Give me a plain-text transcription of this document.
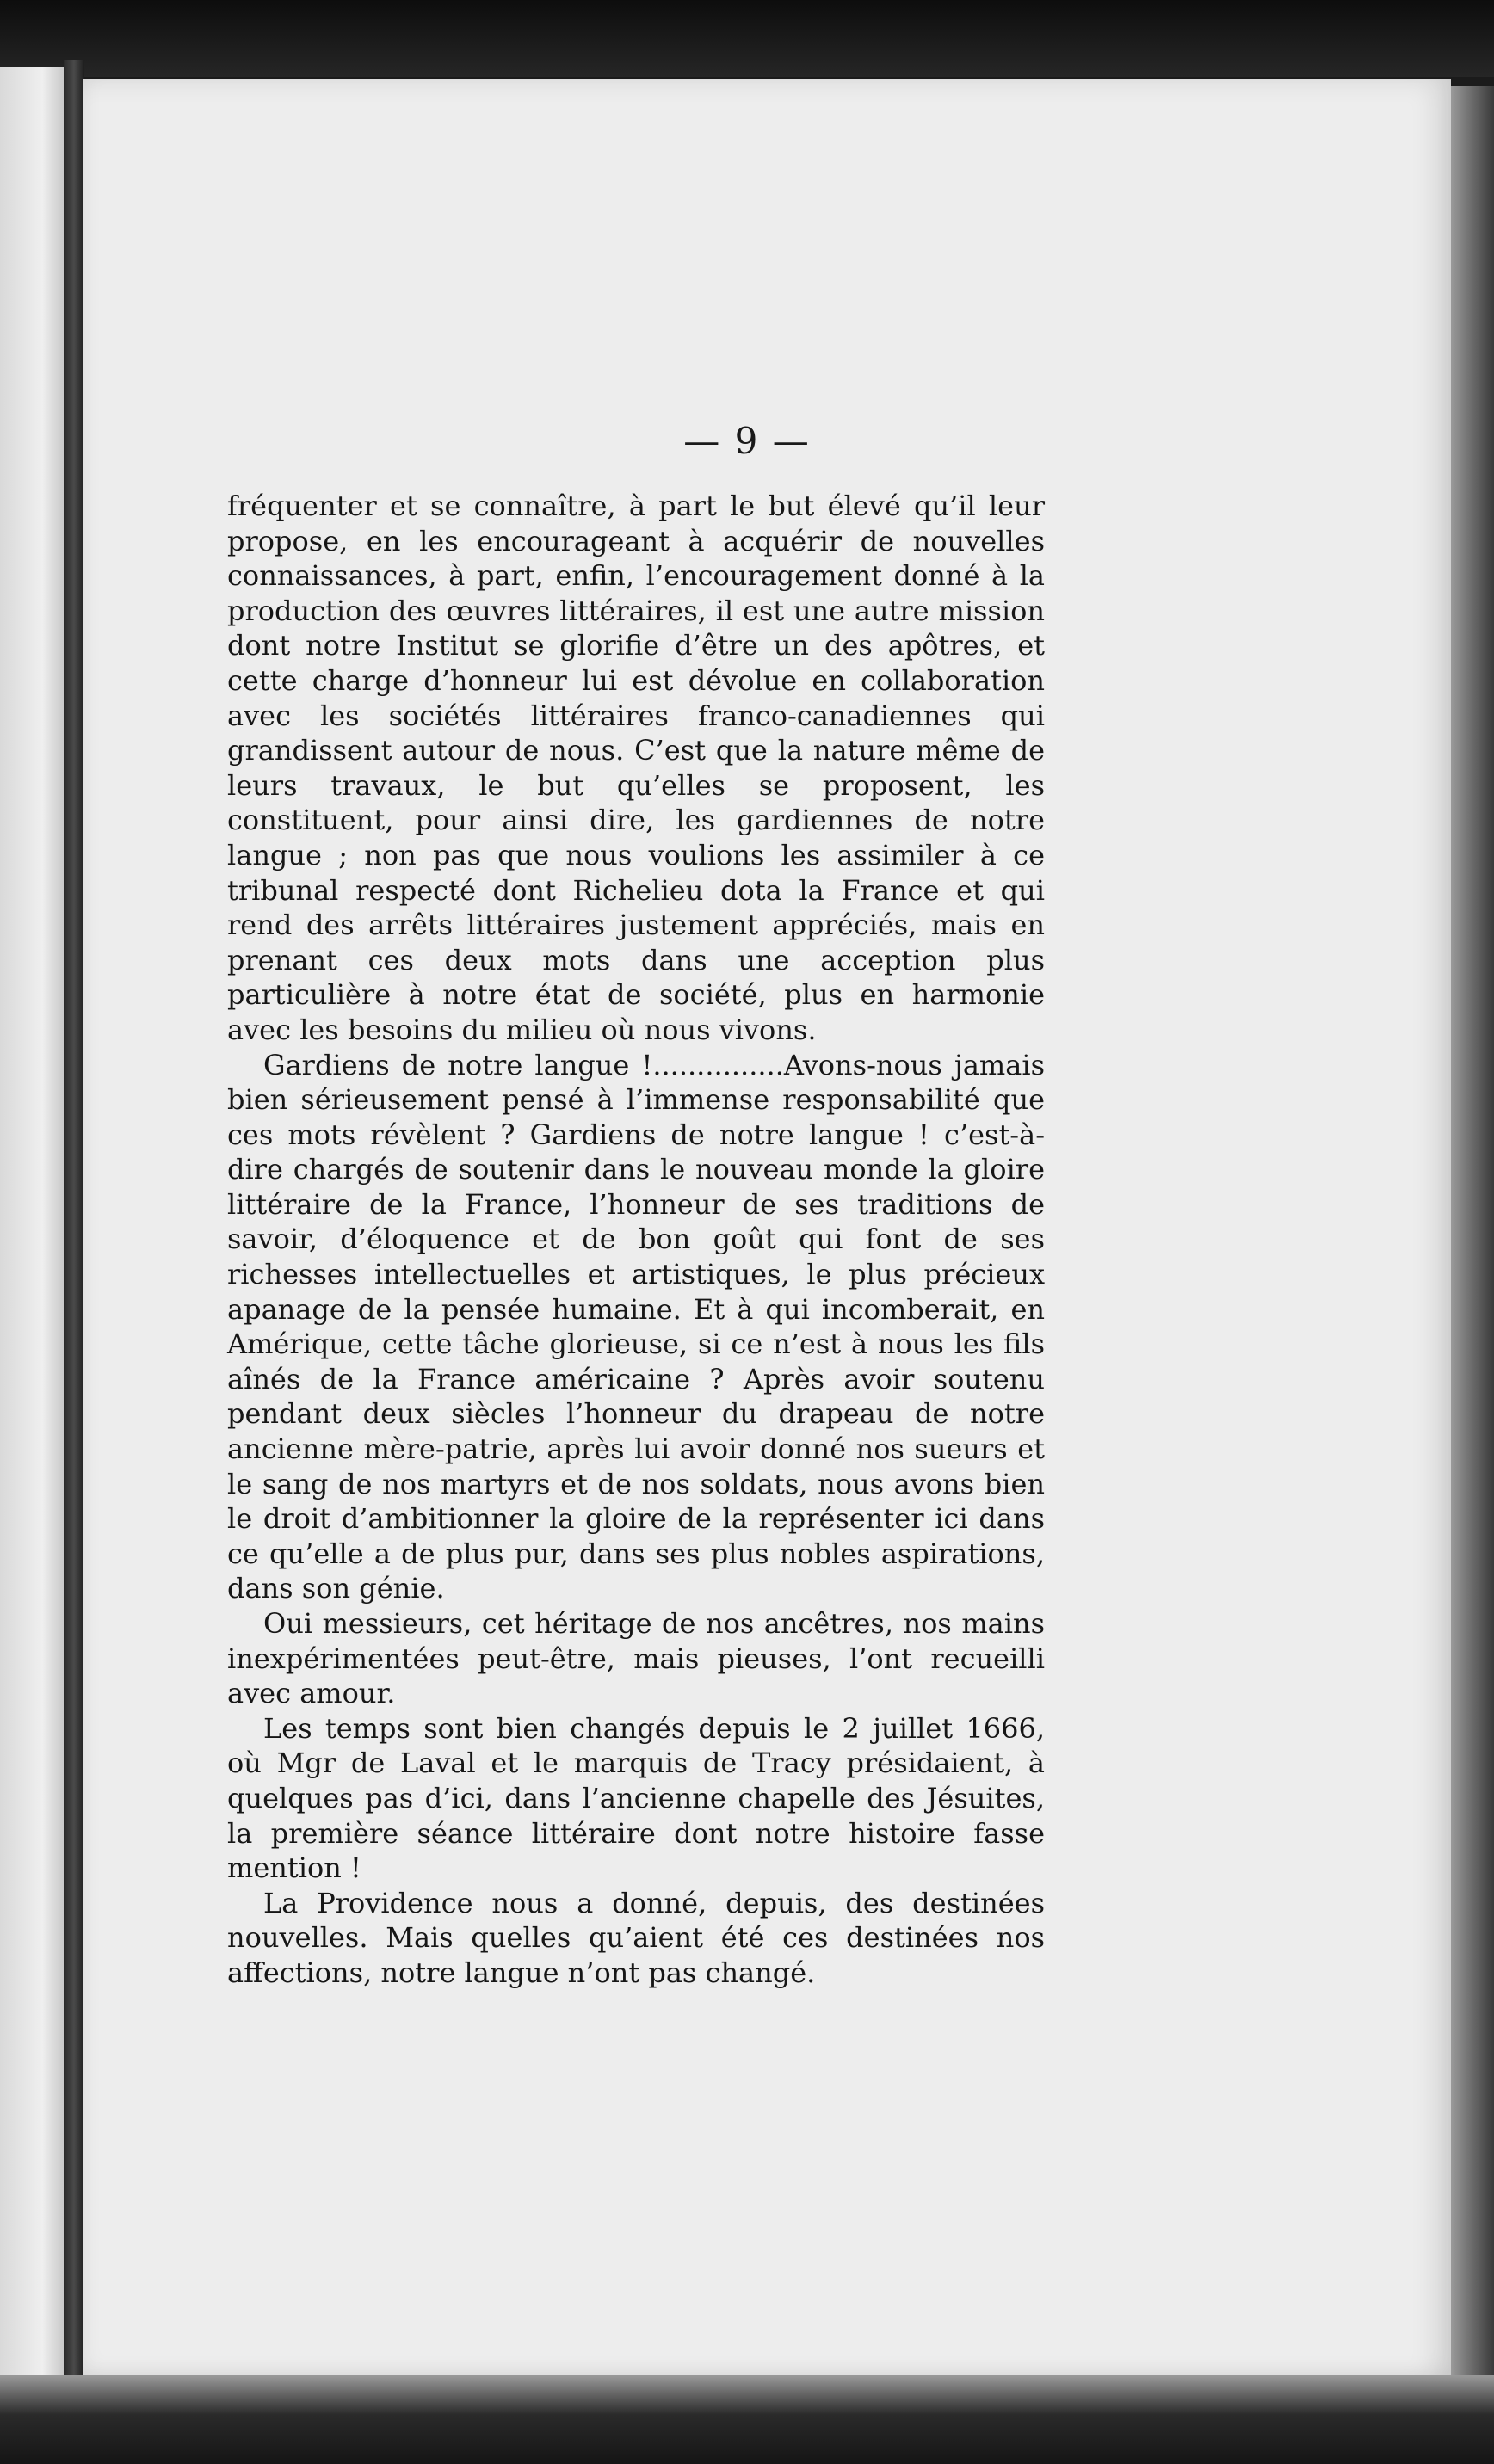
— 9 —

fréquenter et se connaître, à part le but élevé qu’il leur propose, en les encourageant à acquérir de nouvelles connaissances, à part, enfin, l’encouragement donné à la production des œuvres littéraires, il est une autre mission dont notre Institut se glorifie d’être un des apôtres, et cette charge d’honneur lui est dévolue en collaboration avec les sociétés littéraires franco-canadiennes qui grandissent autour de nous. C’est que la nature même de leurs travaux, le but qu’elles se proposent, les constituent, pour ainsi dire, les gardiennes de notre langue ; non pas que nous voulions les assimiler à ce tribunal respecté dont Richelieu dota la France et qui rend des arrêts littéraires justement appréciés, mais en prenant ces deux mots dans une acception plus particulière à notre état de société, plus en harmonie avec les besoins du milieu où nous vivons.

Gardiens de notre langue !...............Avons-nous jamais bien sérieusement pensé à l’immense responsabilité que ces mots révèlent ? Gardiens de notre langue ! c’est-à-dire chargés de soutenir dans le nouveau monde la gloire littéraire de la France, l’honneur de ses traditions de savoir, d’éloquence et de bon goût qui font de ses richesses intellectuelles et artistiques, le plus précieux apanage de la pensée humaine. Et à qui incomberait, en Amérique, cette tâche glorieuse, si ce n’est à nous les fils aînés de la France américaine ? Après avoir soutenu pendant deux siècles l’honneur du drapeau de notre ancienne mère-patrie, après lui avoir donné nos sueurs et le sang de nos martyrs et de nos soldats, nous avons bien le droit d’ambitionner la gloire de la représenter ici dans ce qu’elle a de plus pur, dans ses plus nobles aspirations, dans son génie.

Oui messieurs, cet héritage de nos ancêtres, nos mains inexpérimentées peut-être, mais pieuses, l’ont recueilli avec amour.

Les temps sont bien changés depuis le 2 juillet 1666, où Mgr de Laval et le marquis de Tracy présidaient, à quelques pas d’ici, dans l’ancienne chapelle des Jésuites, la première séance littéraire dont notre histoire fasse mention !

La Providence nous a donné, depuis, des destinées nouvelles. Mais quelles qu’aient été ces destinées nos affections, notre langue n’ont pas changé.
